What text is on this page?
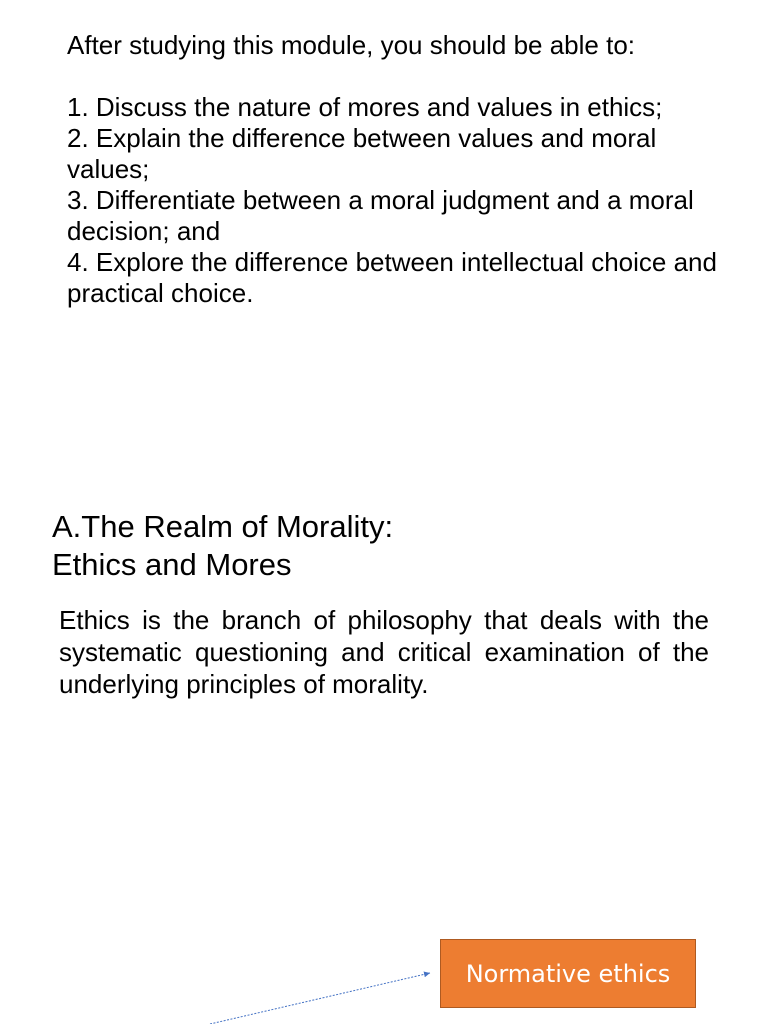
After studying this module, you should be able to:

1. Discuss the nature of mores and values in ethics;
2. Explain the difference between values and moral values;
3. Differentiate between a moral judgment and a moral decision; and
4. Explore the difference between intellectual choice and practical choice.
A.The Realm of Morality:
Ethics and Mores

Ethics is the branch of philosophy that deals with the systematic questioning and critical examination of the underlying principles of morality.

Normative ethics
